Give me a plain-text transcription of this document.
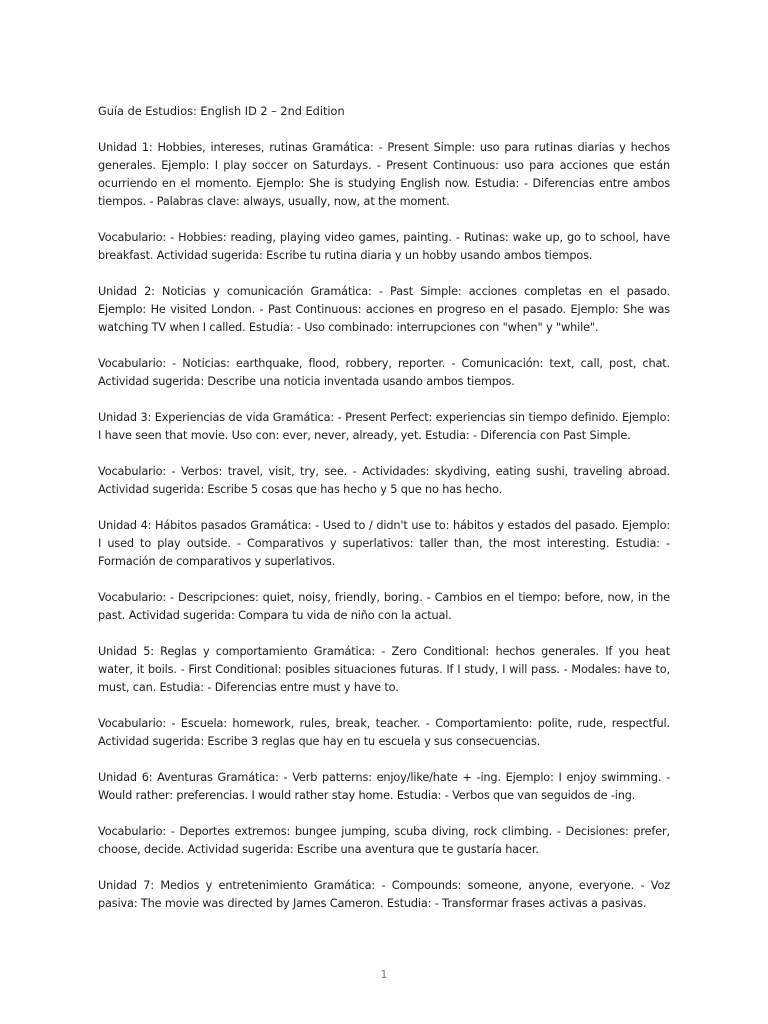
Guía de Estudios: English ID 2 – 2nd Edition

Unidad 1: Hobbies, intereses, rutinas Gramática: - Present Simple: uso para rutinas diarias y hechos generales. Ejemplo: I play soccer on Saturdays. - Present Continuous: uso para acciones que están ocurriendo en el momento. Ejemplo: She is studying English now. Estudia: - Diferencias entre ambos tiempos. - Palabras clave: always, usually, now, at the moment.

Vocabulario: - Hobbies: reading, playing video games, painting. - Rutinas: wake up, go to school, have breakfast. Actividad sugerida: Escribe tu rutina diaria y un hobby usando ambos tiempos.

Unidad 2: Noticias y comunicación Gramática: - Past Simple: acciones completas en el pasado. Ejemplo: He visited London. - Past Continuous: acciones en progreso en el pasado. Ejemplo: She was watching TV when I called. Estudia: - Uso combinado: interrupciones con "when" y "while".

Vocabulario: - Noticias: earthquake, flood, robbery, reporter. - Comunicación: text, call, post, chat. Actividad sugerida: Describe una noticia inventada usando ambos tiempos.

Unidad 3: Experiencias de vida Gramática: - Present Perfect: experiencias sin tiempo definido. Ejemplo: I have seen that movie. Uso con: ever, never, already, yet. Estudia: - Diferencia con Past Simple.

Vocabulario: - Verbos: travel, visit, try, see. - Actividades: skydiving, eating sushi, traveling abroad. Actividad sugerida: Escribe 5 cosas que has hecho y 5 que no has hecho.

Unidad 4: Hábitos pasados Gramática: - Used to / didn't use to: hábitos y estados del pasado. Ejemplo: I used to play outside. - Comparativos y superlativos: taller than, the most interesting. Estudia: - Formación de comparativos y superlativos.

Vocabulario: - Descripciones: quiet, noisy, friendly, boring. - Cambios en el tiempo: before, now, in the past. Actividad sugerida: Compara tu vida de niño con la actual.

Unidad 5: Reglas y comportamiento Gramática: - Zero Conditional: hechos generales. If you heat water, it boils. - First Conditional: posibles situaciones futuras. If I study, I will pass. - Modales: have to, must, can. Estudia: - Diferencias entre must y have to.

Vocabulario: - Escuela: homework, rules, break, teacher. - Comportamiento: polite, rude, respectful. Actividad sugerida: Escribe 3 reglas que hay en tu escuela y sus consecuencias.

Unidad 6: Aventuras Gramática: - Verb patterns: enjoy/like/hate + -ing. Ejemplo: I enjoy swimming. - Would rather: preferencias. I would rather stay home. Estudia: - Verbos que van seguidos de -ing.

Vocabulario: - Deportes extremos: bungee jumping, scuba diving, rock climbing. - Decisiones: prefer, choose, decide. Actividad sugerida: Escribe una aventura que te gustaría hacer.

Unidad 7: Medios y entretenimiento Gramática: - Compounds: someone, anyone, everyone. - Voz pasiva: The movie was directed by James Cameron. Estudia: - Transformar frases activas a pasivas.

1
